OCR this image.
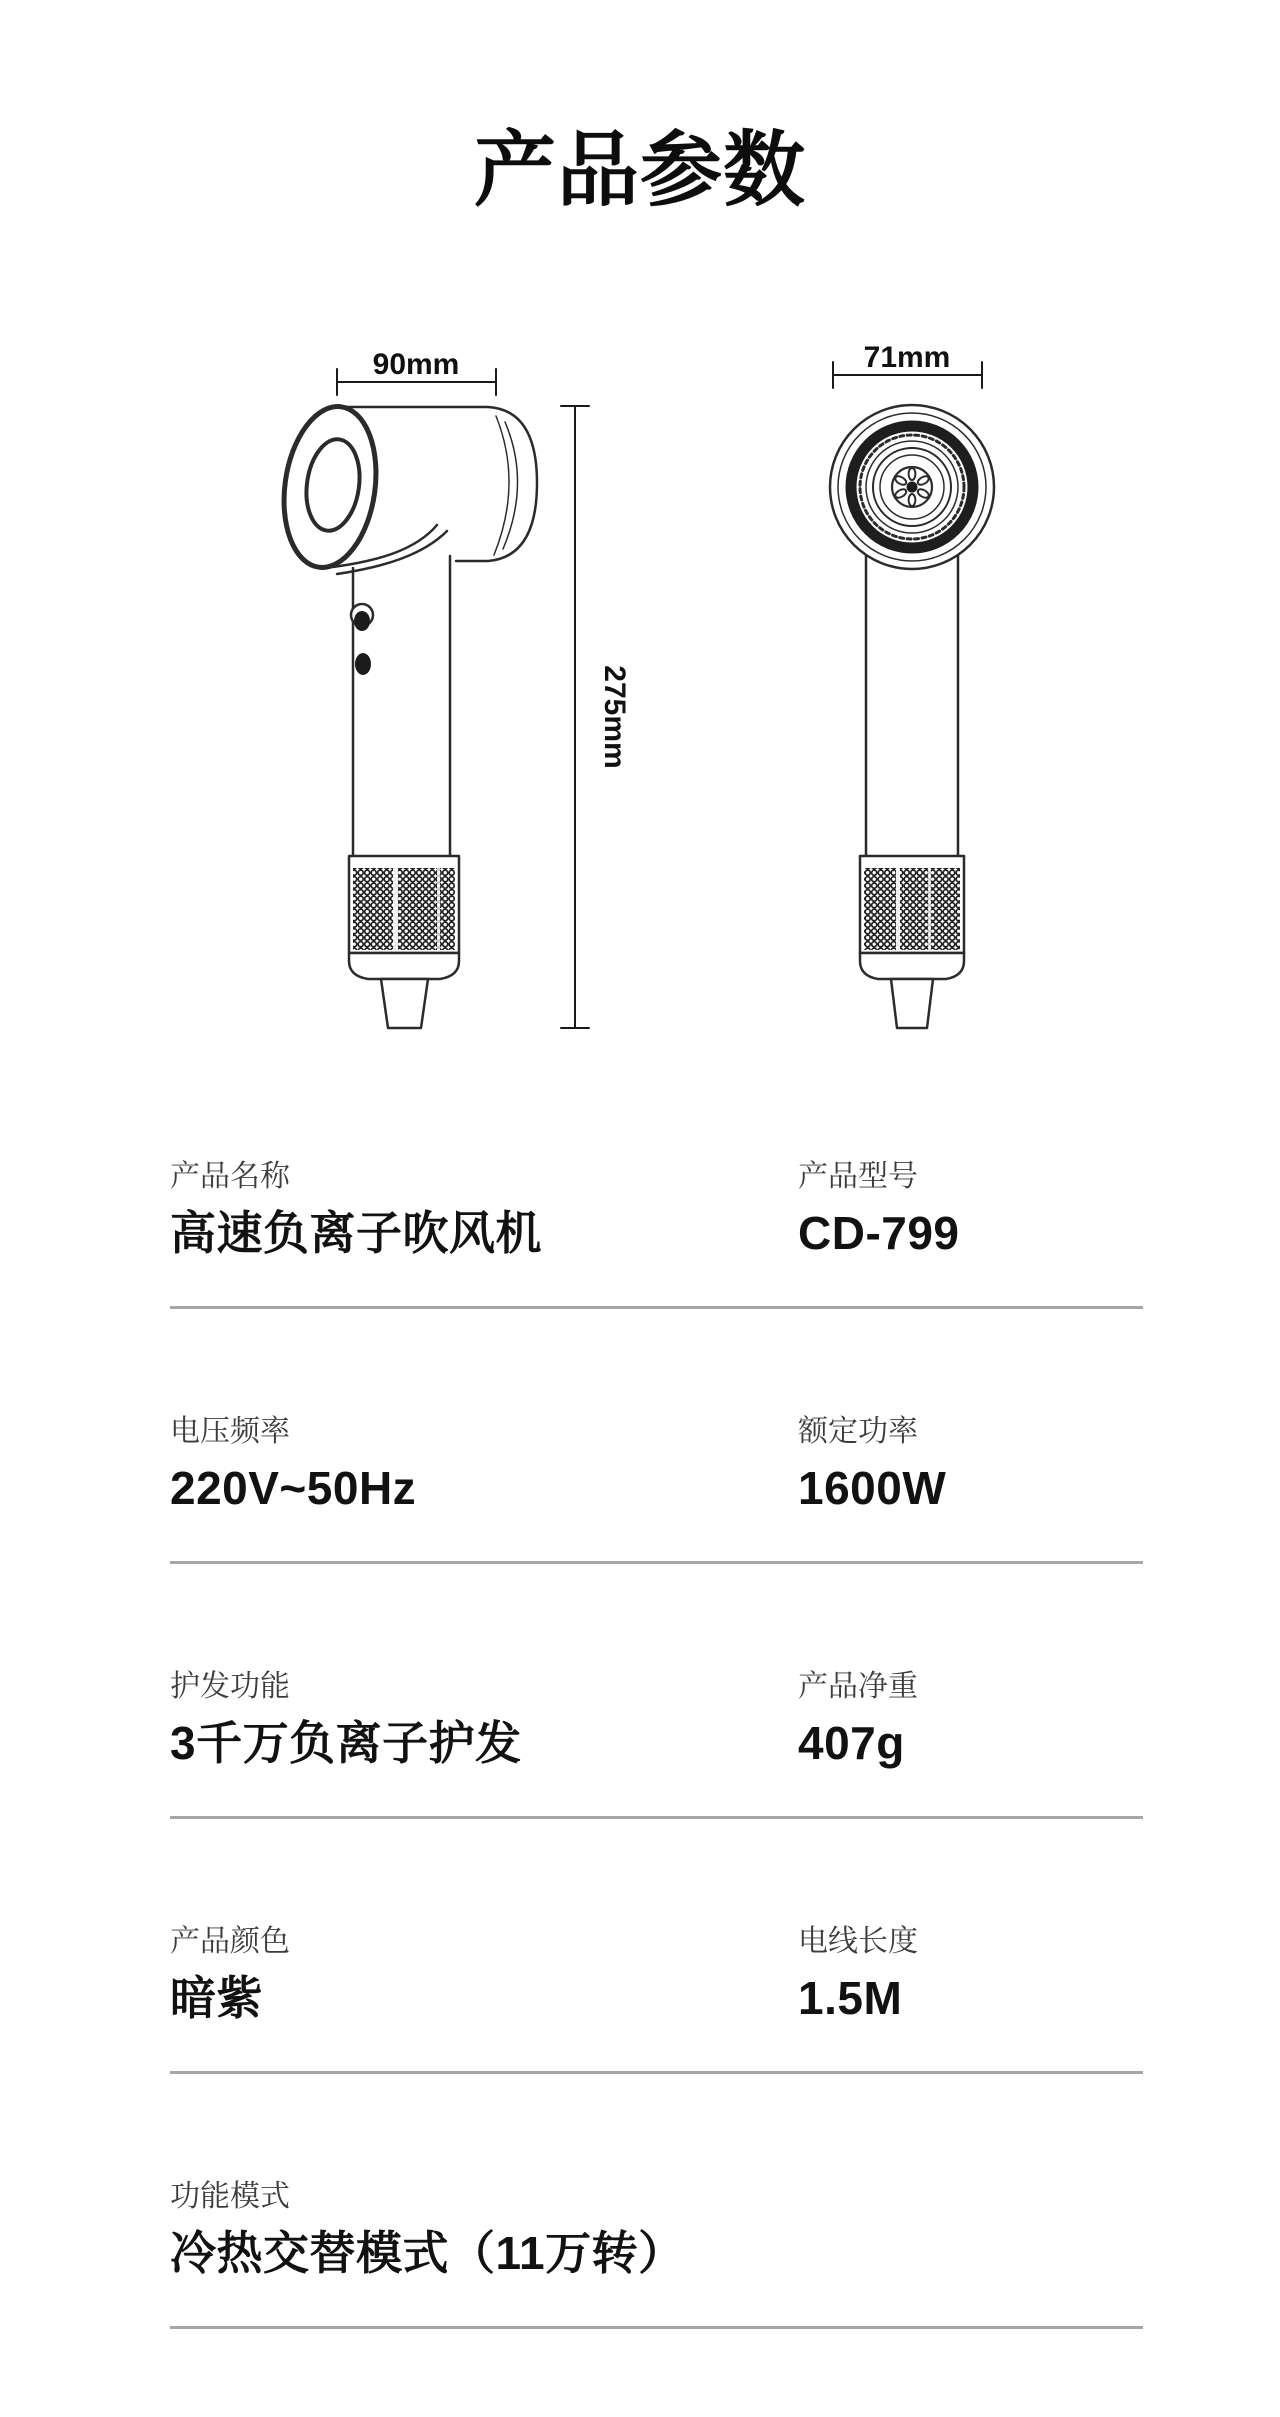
产品参数
90mm
275mm
71mm
产品名称
高速负离子吹风机
产品型号
CD-799
电压频率
220V~50Hz
额定功率
1600W
护发功能
3千万负离子护发
产品净重
407g
产品颜色
暗紫
电线长度
1.5M
功能模式
冷热交替模式（11万转）
